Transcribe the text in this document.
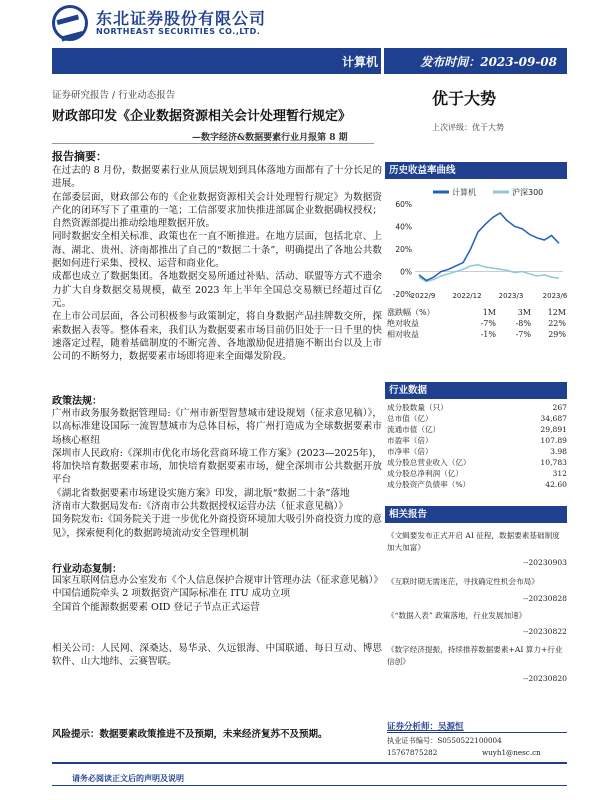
东北证券股份有限公司
NORTHEAST SECURITIES CO.,LTD.
计算机	发布时间：2023-09-08
证券研究报告 / 行业动态报告
财政部印发《企业数据资源相关会计处理暂行规定》
—数字经济&数据要素行业月报第 8 期
优于大势
上次评级：优于大势
报告摘要：

在过去的 8 月份，数据要素行业从顶层规划到具体落地方面都有了十分长足的进展。

在部委层面，财政部公布的《企业数据资源相关会计处理暂行规定》为数据资产化的闭环写下了重重的一笔；工信部要求加快推进部属企业数据确权授权；自然资源部提出推动绘地理数据开放。

同时数据安全相关标准、政策也在一直不断推进。在地方层面，包括北京、上海、湖北、贵州、济南都推出了自己的“数据二十条”，明确提出了各地公共数据如何进行采集、授权、运营和商业化。

成都也成立了数据集团。各地数据交易所通过补贴、活动、联盟等方式不遗余力扩大自身数据交易规模，截至 2023 年上半年全国总交易额已经超过百亿元。

在上市公司层面，各公司积极参与政策制定，将自身数据产品挂牌数交所，探索数据入表等。整体看来，我们认为数据要素市场目前仍旧处于一日千里的快速落定过程，随着基础制度的不断完善、各地激励促进措施不断出台以及上市公司的不断努力，数据要素市场即将迎来全面爆发阶段。

政策法规：

广州市政务服务数据管理局:《广州市新型智慧城市建设规划（征求意见稿）》，以高标准建设国际一流智慧城市为总体目标，将广州打造成为全球数据要素市场核心枢纽

深圳市人民政府:《深圳市优化市场化营商环境工作方案》(2023—2025年)，将加快培育数据要素市场，加快培育数据要素市场，健全深圳市公共数据开放平台

《湖北省数据要素市场建设实施方案》印发，湖北版“数据二十条”落地

济南市大数据局发布:《济南市公共数据授权运营办法（征求意见稿）》

国务院发布:《国务院关于进一步优化外商投资环境加大吸引外商投资力度的意见》，探索便利化的数据跨境流动安全管理机制

行业动态复制：

国家互联网信息办公室发布《个人信息保护合规审计管理办法（征求意见稿）》

中国信通院牵头 2 项数据资产国际标准在 ITU 成功立项

全国首个能源数据要素 OID 登记子节点正式运营

相关公司：人民网、深桑达、易华录、久远银海、中国联通、每日互动、博思软件、山大地纬、云赛智联。
风险提示：数据要素政策推进不及预期，未来经济复苏不及预期。
历史收益率曲线
计算机	沪深300
60%
40%
20%
0%
-20%
2022/9 2022/12 2023/3	2023/6
涨跌幅（%）	1M	3M	12M
绝对收益	-7%	-8%	22%
相对收益	-1%	-7%	29%
行业数据
成分股数量（只）	267
总市值（亿）	34,687
流通市值（亿）	29,891
市盈率（倍）	107.89
市净率（倍）	3.98
成分股总营业收入（亿）	10,783
成分股总净利润（亿）	312
成分股资产负债率（%）	42.60
相关报告
《文辑要发布正式开启 AI 征程，数据要素基础制度加大加富》
--20230903
《互联时期无需迷茫，寻找确定性机会布局》
--20230828
《“数据入表” 政策落地，行业发展加速》
--20230822
《数字经济提振，持续推荐数据要素+AI 算力+行业信创》
--20230820
证券分析师：吴源恒
执业证书编号：S0550522100004
15767875282	wuyh1@nesc.cn
请务必阅读正文后的声明及说明
